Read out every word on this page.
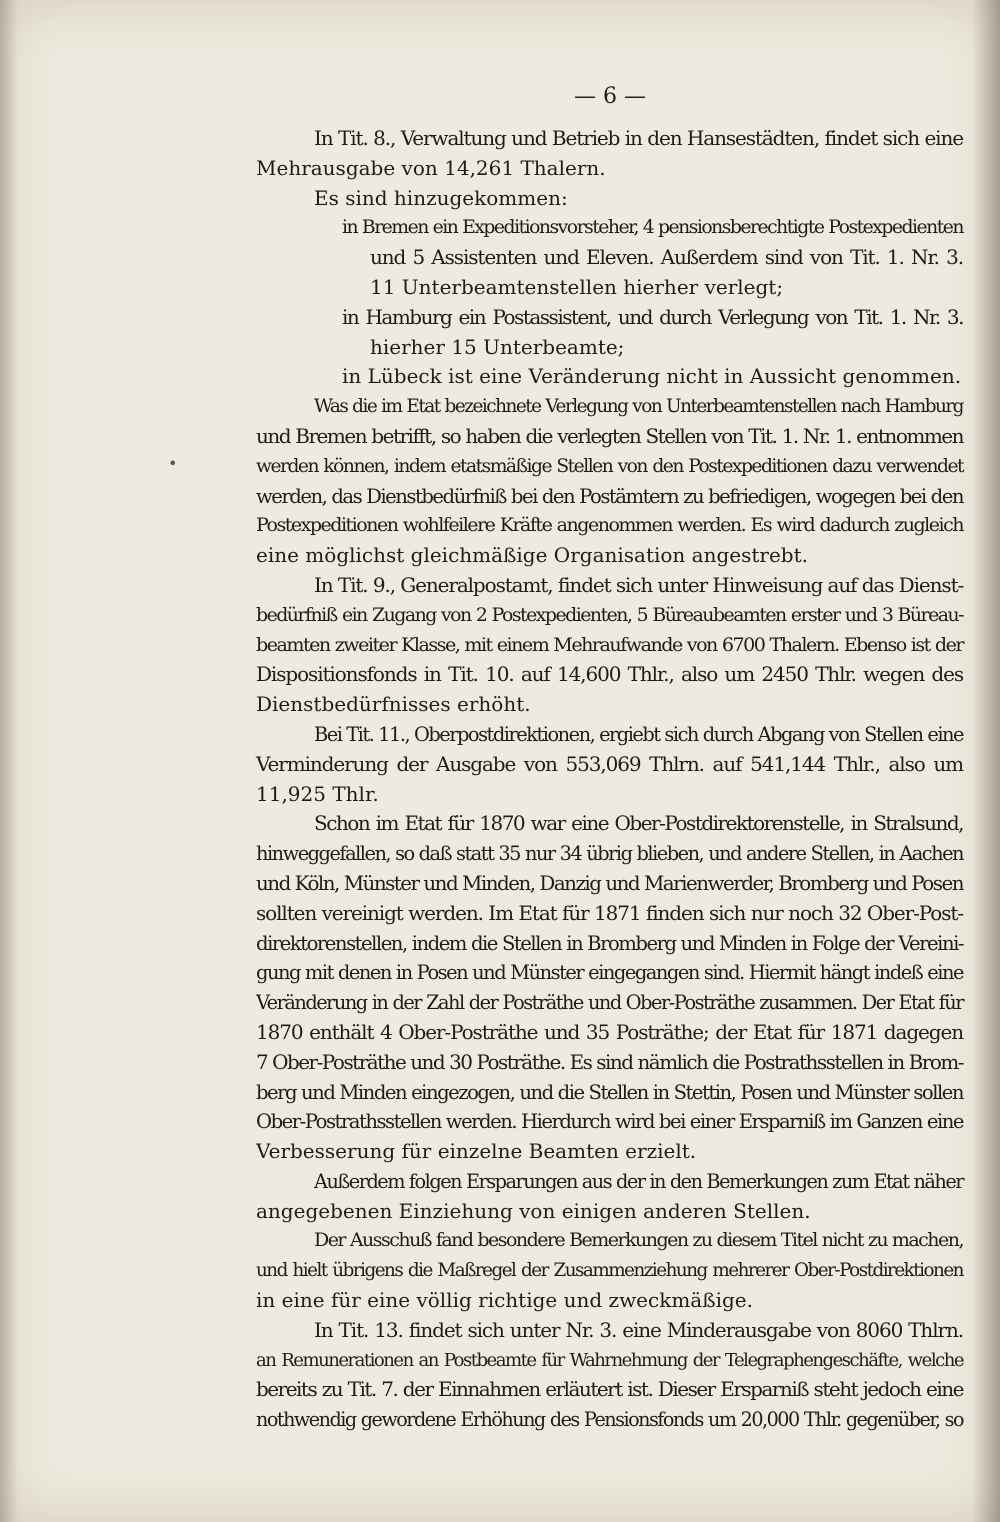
— 6 —
•
In Tit. 8., Verwaltung und Betrieb in den Hansestädten, findet sich eine
Mehrausgabe von 14,261 Thalern.
Es sind hinzugekommen:
in Bremen ein Expeditionsvorsteher, 4 pensionsberechtigte Postexpedienten
und 5 Assistenten und Eleven. Außerdem sind von Tit. 1. Nr. 3.
11 Unterbeamtenstellen hierher verlegt;
in Hamburg ein Postassistent, und durch Verlegung von Tit. 1. Nr. 3.
hierher 15 Unterbeamte;
in Lübeck ist eine Veränderung nicht in Aussicht genommen.
Was die im Etat bezeichnete Verlegung von Unterbeamtenstellen nach Hamburg
und Bremen betrifft, so haben die verlegten Stellen von Tit. 1. Nr. 1. entnommen
werden können, indem etatsmäßige Stellen von den Postexpeditionen dazu verwendet
werden, das Dienstbedürfniß bei den Postämtern zu befriedigen, wogegen bei den
Postexpeditionen wohlfeilere Kräfte angenommen werden. Es wird dadurch zugleich
eine möglichst gleichmäßige Organisation angestrebt.
In Tit. 9., Generalpostamt, findet sich unter Hinweisung auf das Dienst-
bedürfniß ein Zugang von 2 Postexpedienten, 5 Büreaubeamten erster und 3 Büreau-
beamten zweiter Klasse, mit einem Mehraufwande von 6700 Thalern. Ebenso ist der
Dispositionsfonds in Tit. 10. auf 14,600 Thlr., also um 2450 Thlr. wegen des
Dienstbedürfnisses erhöht.
Bei Tit. 11., Oberpostdirektionen, ergiebt sich durch Abgang von Stellen eine
Verminderung der Ausgabe von 553,069 Thlrn. auf 541,144 Thlr., also um
11,925 Thlr.
Schon im Etat für 1870 war eine Ober-Postdirektorenstelle, in Stralsund,
hinweggefallen, so daß statt 35 nur 34 übrig blieben, und andere Stellen, in Aachen
und Köln, Münster und Minden, Danzig und Marienwerder, Bromberg und Posen
sollten vereinigt werden. Im Etat für 1871 finden sich nur noch 32 Ober-Post-
direktorenstellen, indem die Stellen in Bromberg und Minden in Folge der Vereini-
gung mit denen in Posen und Münster eingegangen sind. Hiermit hängt indeß eine
Veränderung in der Zahl der Posträthe und Ober-Posträthe zusammen. Der Etat für
1870 enthält 4 Ober-Posträthe und 35 Posträthe; der Etat für 1871 dagegen
7 Ober-Posträthe und 30 Posträthe. Es sind nämlich die Postrathsstellen in Brom-
berg und Minden eingezogen, und die Stellen in Stettin, Posen und Münster sollen
Ober-Postrathsstellen werden. Hierdurch wird bei einer Ersparniß im Ganzen eine
Verbesserung für einzelne Beamten erzielt.
Außerdem folgen Ersparungen aus der in den Bemerkungen zum Etat näher
angegebenen Einziehung von einigen anderen Stellen.
Der Ausschuß fand besondere Bemerkungen zu diesem Titel nicht zu machen,
und hielt übrigens die Maßregel der Zusammenziehung mehrerer Ober-Postdirektionen
in eine für eine völlig richtige und zweckmäßige.
In Tit. 13. findet sich unter Nr. 3. eine Minderausgabe von 8060 Thlrn.
an Remunerationen an Postbeamte für Wahrnehmung der Telegraphengeschäfte, welche
bereits zu Tit. 7. der Einnahmen erläutert ist. Dieser Ersparniß steht jedoch eine
nothwendig gewordene Erhöhung des Pensionsfonds um 20,000 Thlr. gegenüber, so
